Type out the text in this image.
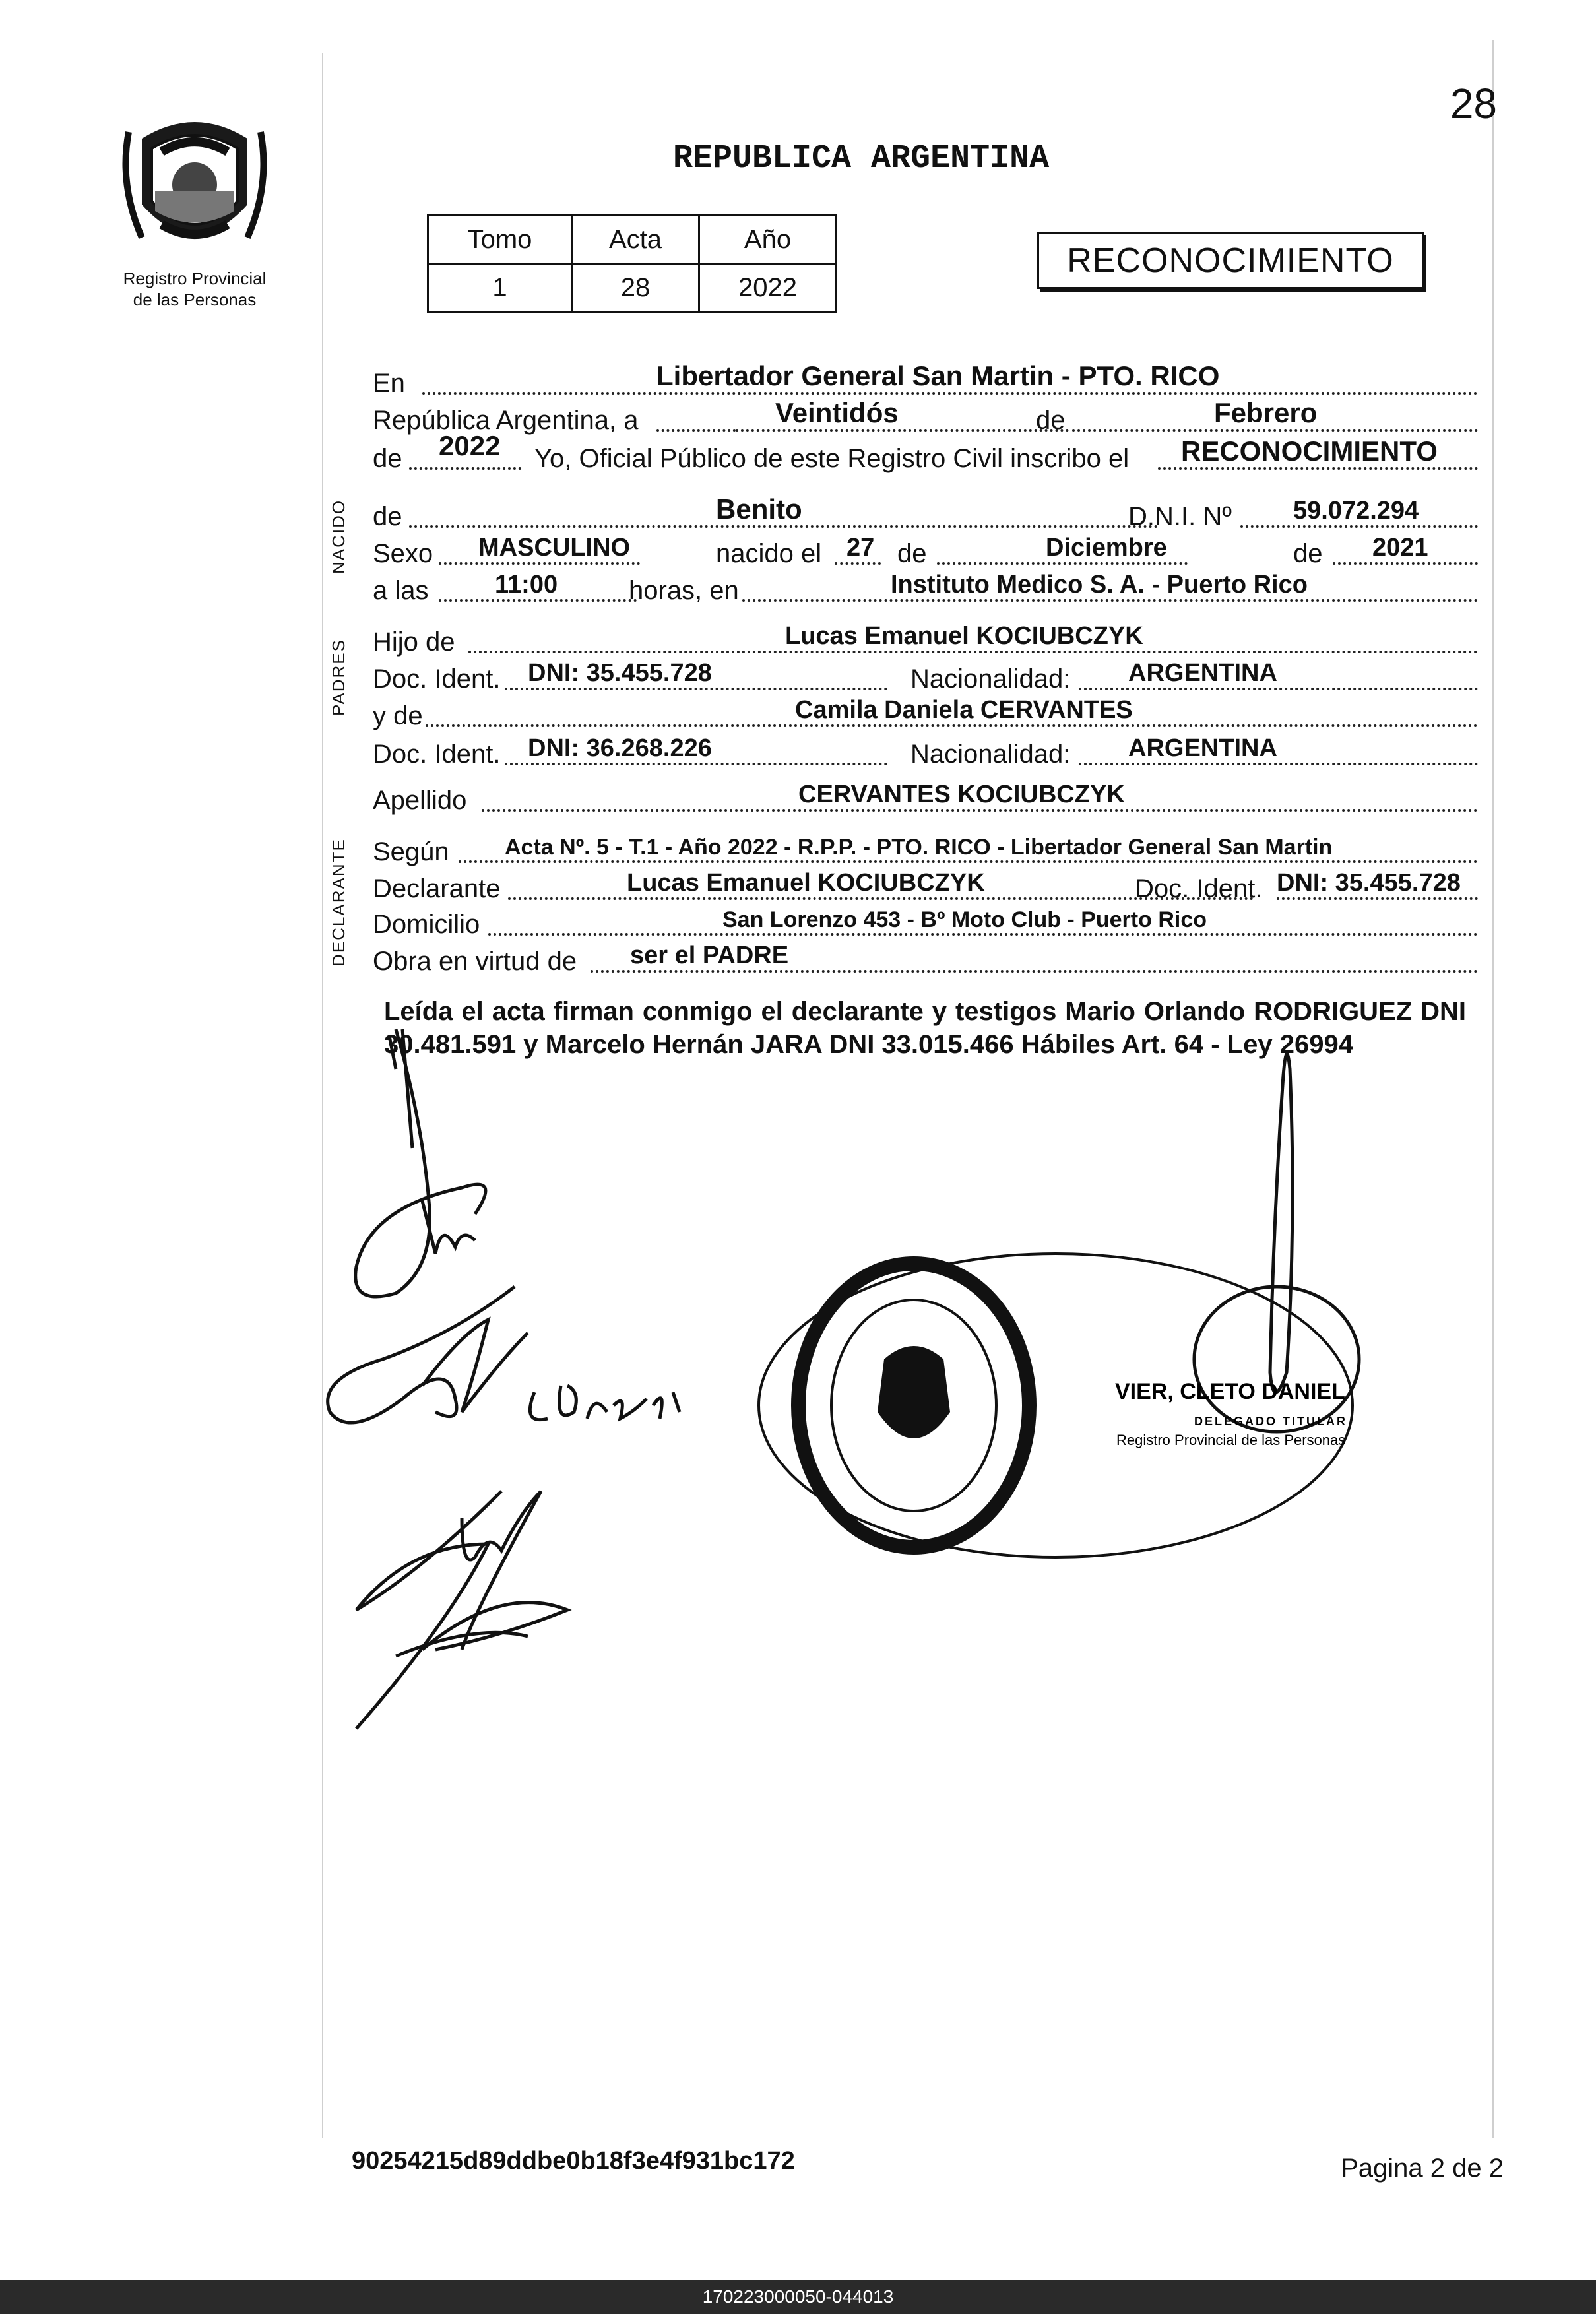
Registro Provincial
de las Personas
28
REPUBLICA ARGENTINA
Tomo	Acta	Año
1	28	2022
RECONOCIMIENTO
NACIDO
PADRES
DECLARANTE
En	Libertador General San Martin - PTO. RICO
República Argentina, a	Veintidós	de	Febrero
de 2022 Yo, Oficial Público de este Registro Civil inscribo el RECONOCIMIENTO
de	Benito	D.N.I. Nº 59.072.294
Sexo MASCULINO	nacido el 27 de	Diciembre	de 2021
a las	11:00	horas, en	Instituto Medico S. A. - Puerto Rico
Hijo de	Lucas Emanuel KOCIUBCZYK
Doc. Ident. DNI: 35.455.728	Nacionalidad: ARGENTINA
y de	Camila Daniela CERVANTES
Doc. Ident. DNI: 36.268.226	Nacionalidad: ARGENTINA
Apellido	CERVANTES KOCIUBCZYK
Según Acta Nº. 5 - T.1 - Año 2022 - R.P.P. - PTO. RICO - Libertador General San Martin
Declarante	Lucas Emanuel KOCIUBCZYK	Doc. Ident. DNI: 35.455.728
Domicilio	San Lorenzo 453 - Bº Moto Club - Puerto Rico
Obra en virtud de ser el PADRE
Leída el acta firman conmigo el declarante y testigos Mario Orlando RODRIGUEZ DNI 30.481.591 y Marcelo Hernán JARA DNI 33.015.466 Hábiles Art. 64 - Ley 26994
VIER, CLETO DANIEL
DELEGADO TITULAR
Registro Provincial de las Personas
90254215d89ddbe0b18f3e4f931bc172	Pagina 2 de 2
170223000050-044013
